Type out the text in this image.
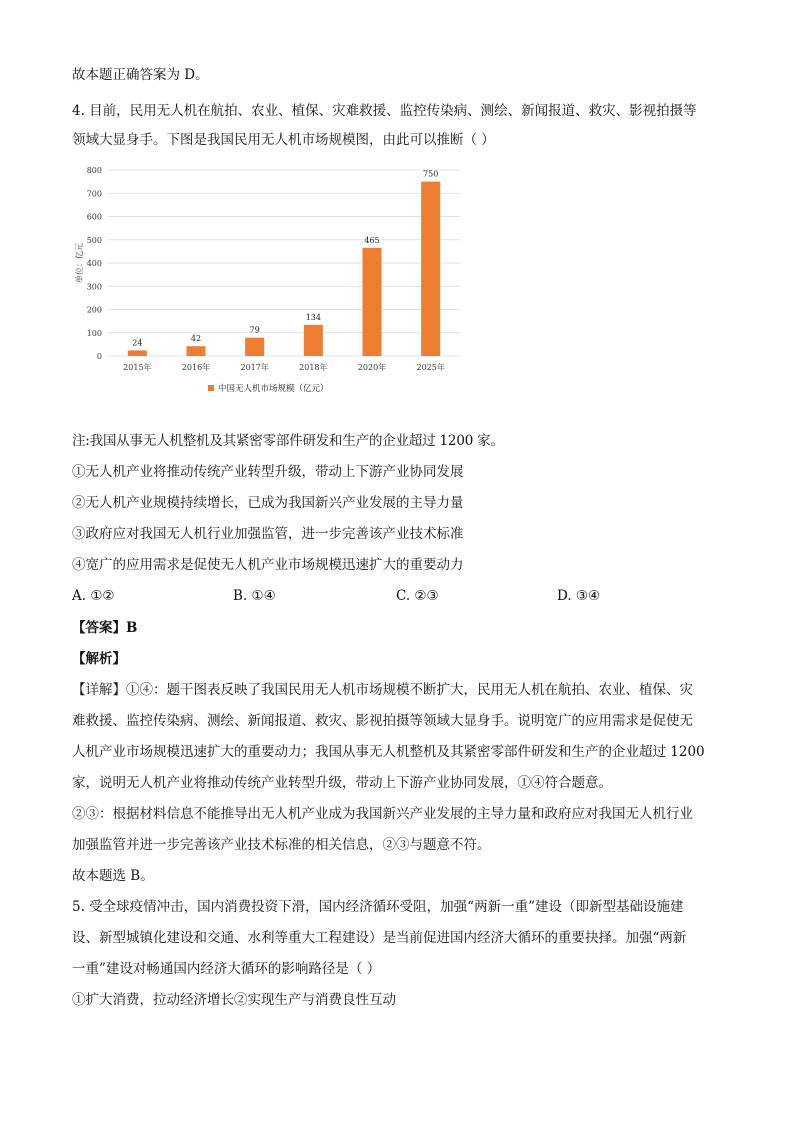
故本题正确答案为 D。
4. 目前，民用无人机在航拍、农业、植保、灾难救援、监控传染病、测绘、新闻报道、救灾、影视拍摄等
领域大显身手。下图是我国民用无人机市场规模图，由此可以推断（ ）
0
100
200
300
400
500
600
700
800
单位：亿元
24
2015年
42
2016年
79
2017年
134
2018年
465
2020年
750
2025年
中国无人机市场规模（亿元）
注:我国从事无人机整机及其紧密零部件研发和生产的企业超过 1200 家。
①无人机产业将推动传统产业转型升级，带动上下游产业协同发展
②无人机产业规模持续增长，已成为我国新兴产业发展的主导力量
③政府应对我国无人机行业加强监管，进一步完善该产业技术标准
④宽广的应用需求是促使无人机产业市场规模迅速扩大的重要动力
A. ①②	B. ①④	C. ②③	D. ③④
【答案】B
【解析】
【详解】①④：题干图表反映了我国民用无人机市场规模不断扩大，民用无人机在航拍、农业、植保、灾
难救援、监控传染病、测绘、新闻报道、救灾、影视拍摄等领域大显身手。说明宽广的应用需求是促使无
人机产业市场规模迅速扩大的重要动力；我国从事无人机整机及其紧密零部件研发和生产的企业超过 1200
家，说明无人机产业将推动传统产业转型升级，带动上下游产业协同发展，①④符合题意。
②③：根据材料信息不能推导出无人机产业成为我国新兴产业发展的主导力量和政府应对我国无人机行业
加强监管并进一步完善该产业技术标准的相关信息，②③与题意不符。
故本题选 B。
5. 受全球疫情冲击，国内消费投资下滑，国内经济循环受阻，加强“两新一重”建设（即新型基础设施建
设、新型城镇化建设和交通、水利等重大工程建设）是当前促进国内经济大循环的重要抉择。加强“两新
一重”建设对畅通国内经济大循环的影响路径是（ ）
①扩大消费，拉动经济增长②实现生产与消费良性互动
